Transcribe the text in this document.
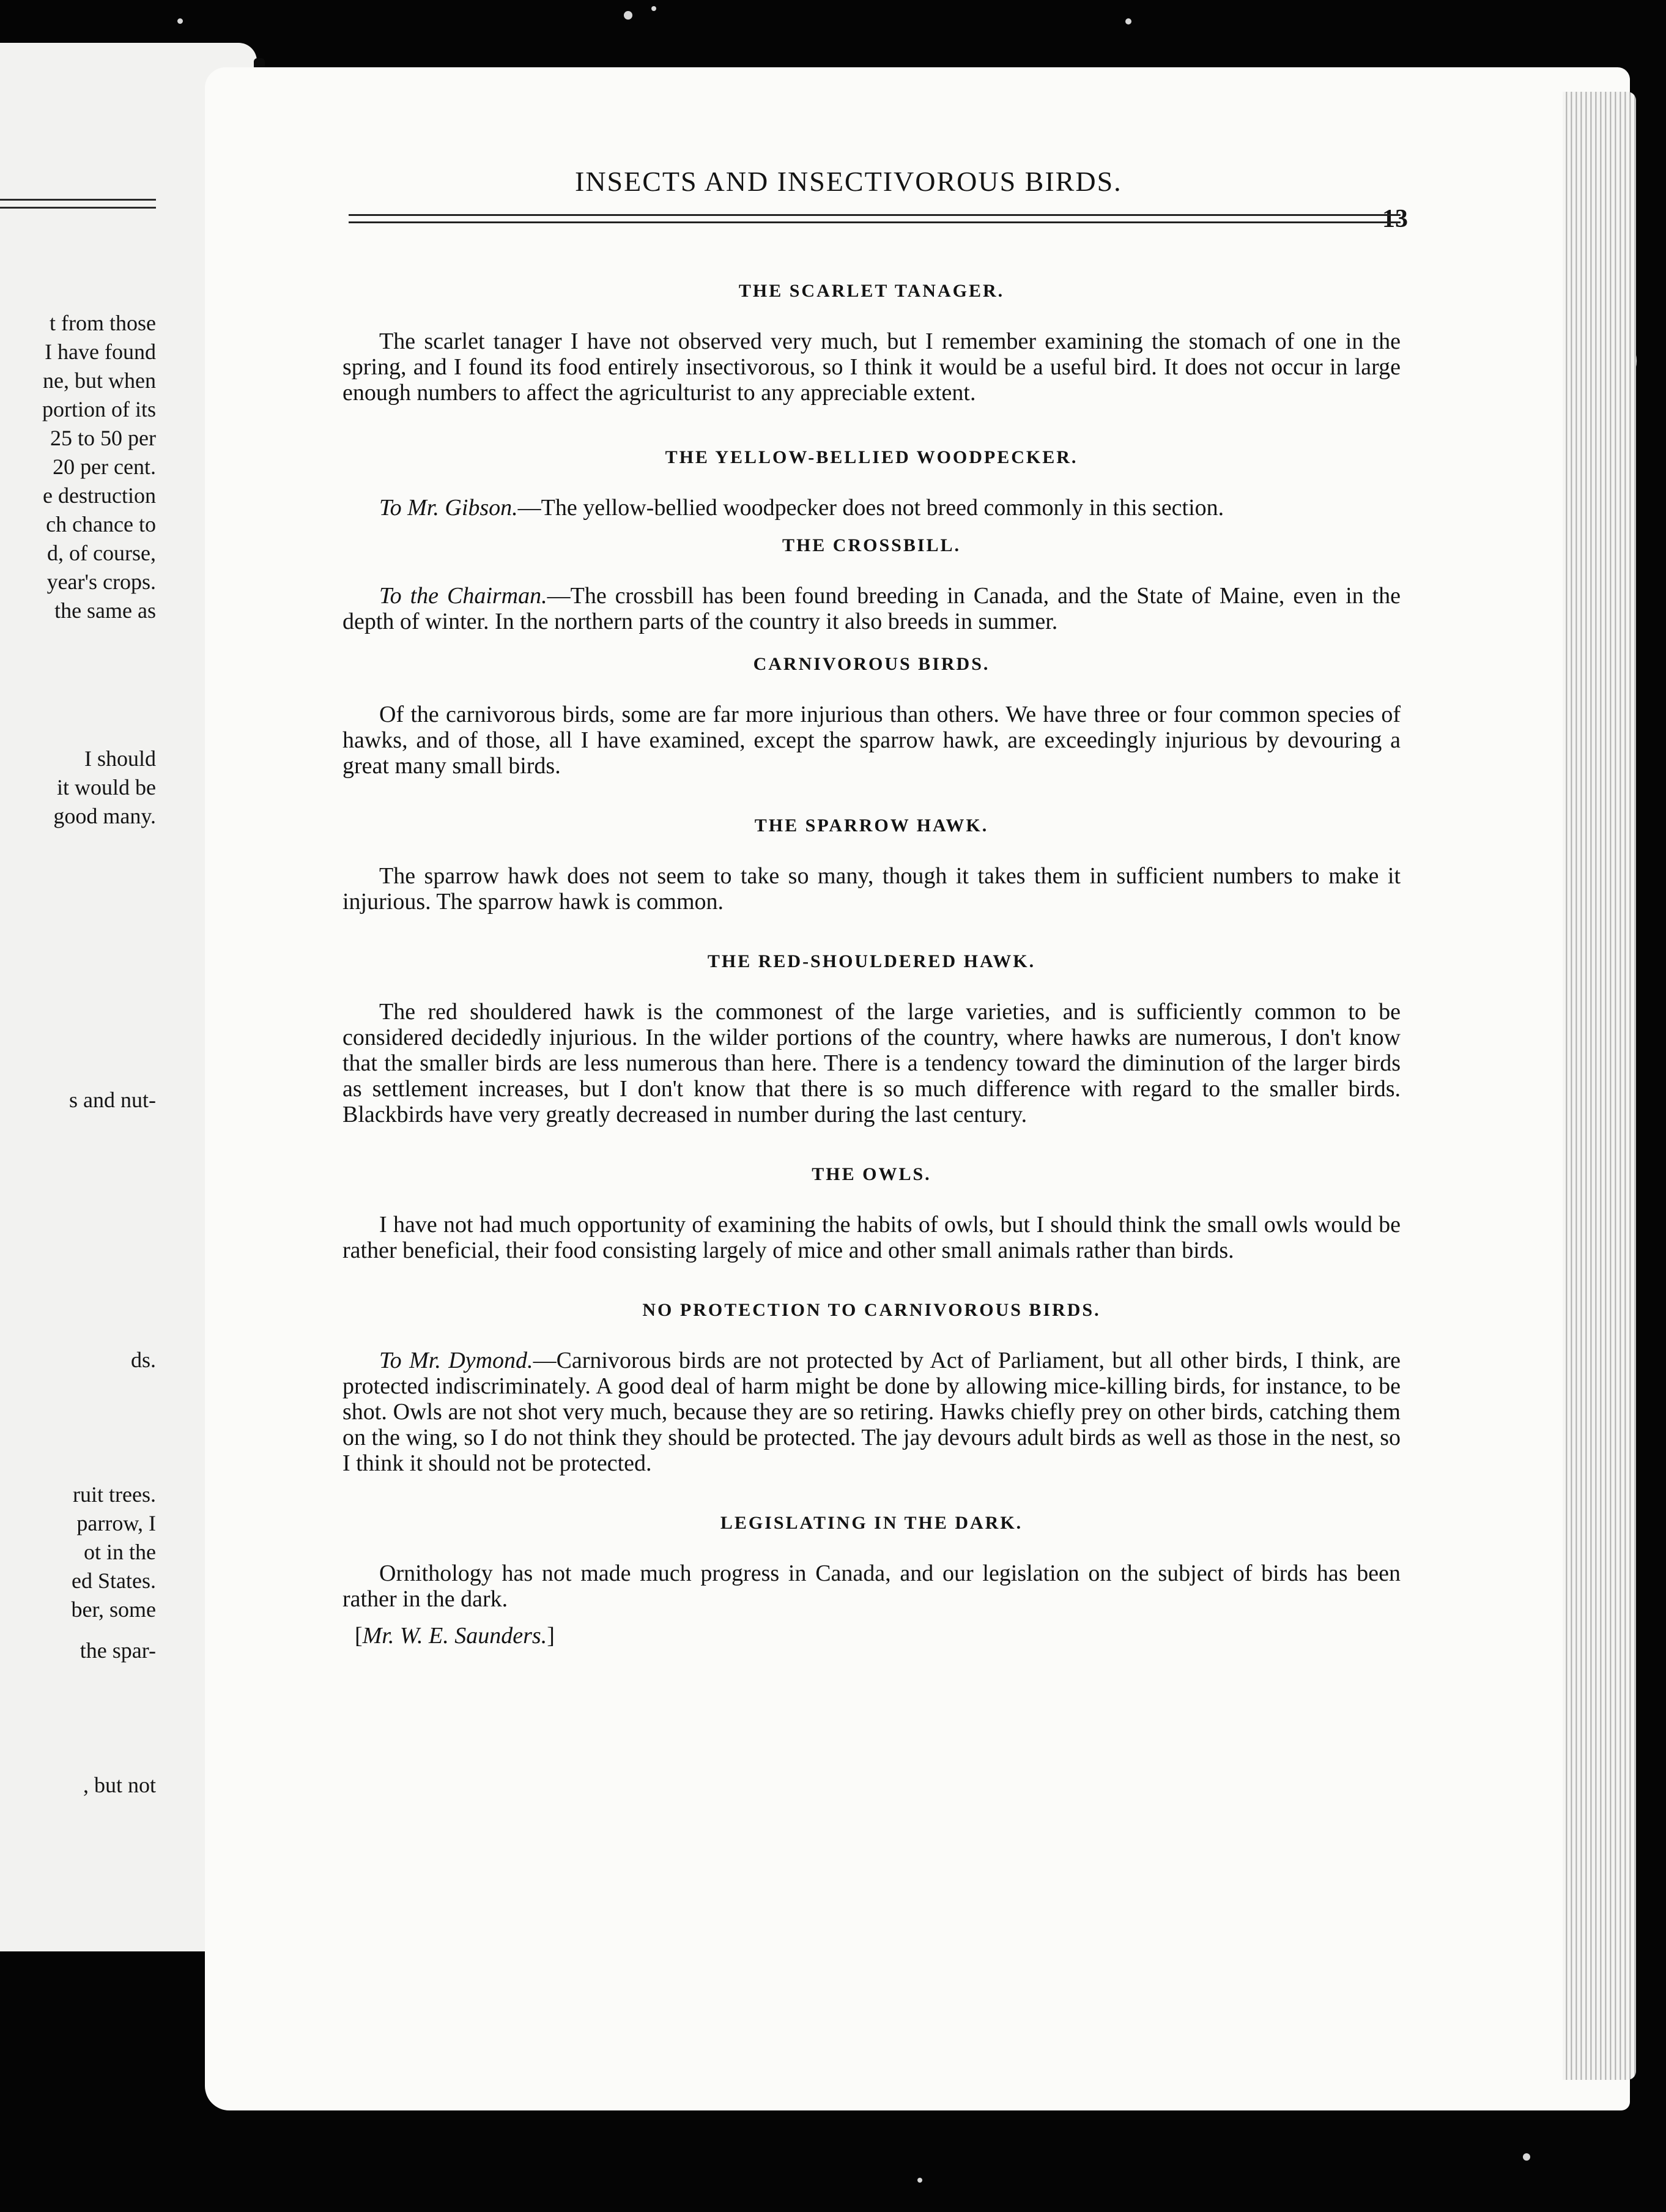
t from those
I have found
ne, but when
portion of its
25 to 50 per
20 per cent.
e destruction
ch chance to
d, of course,
year's crops.
the same as
I should
it would be
good many.
s and nut-
ds.
ruit trees.
parrow, I
ot in the
ed States.
ber, some
the spar-
, but not
INSECTS AND INSECTIVOROUS BIRDS.
13
THE SCARLET TANAGER.

The scarlet tanager I have not observed very much, but I remember examining the stomach of one in the spring, and I found its food entirely insectivorous, so I think it would be a useful bird. It does not occur in large enough numbers to affect the agriculturist to any appreciable extent.

THE YELLOW-BELLIED WOODPECKER.

To Mr. Gibson.—The yellow-bellied woodpecker does not breed commonly in this section.

THE CROSSBILL.

To the Chairman.—The crossbill has been found breeding in Canada, and the State of Maine, even in the depth of winter. In the northern parts of the country it also breeds in summer.

CARNIVOROUS BIRDS.

Of the carnivorous birds, some are far more injurious than others. We have three or four common species of hawks, and of those, all I have examined, except the sparrow hawk, are exceedingly injurious by devouring a great many small birds.

THE SPARROW HAWK.

The sparrow hawk does not seem to take so many, though it takes them in sufficient numbers to make it injurious. The sparrow hawk is common.

THE RED-SHOULDERED HAWK.

The red shouldered hawk is the commonest of the large varieties, and is sufficiently common to be considered decidedly injurious. In the wilder portions of the country, where hawks are numerous, I don't know that the smaller birds are less numerous than here. There is a tendency toward the diminution of the larger birds as settlement increases, but I don't know that there is so much difference with regard to the smaller birds. Blackbirds have very greatly decreased in number during the last century.

THE OWLS.

I have not had much opportunity of examining the habits of owls, but I should think the small owls would be rather beneficial, their food consisting largely of mice and other small animals rather than birds.

NO PROTECTION TO CARNIVOROUS BIRDS.

To Mr. Dymond.—Carnivorous birds are not protected by Act of Parliament, but all other birds, I think, are protected indiscriminately. A good deal of harm might be done by allowing mice-killing birds, for instance, to be shot. Owls are not shot very much, because they are so retiring. Hawks chiefly prey on other birds, catching them on the wing, so I do not think they should be protected. The jay devours adult birds as well as those in the nest, so I think it should not be protected.

LEGISLATING IN THE DARK.

Ornithology has not made much progress in Canada, and our legislation on the subject of birds has been rather in the dark.

[Mr. W. E. Saunders.]
